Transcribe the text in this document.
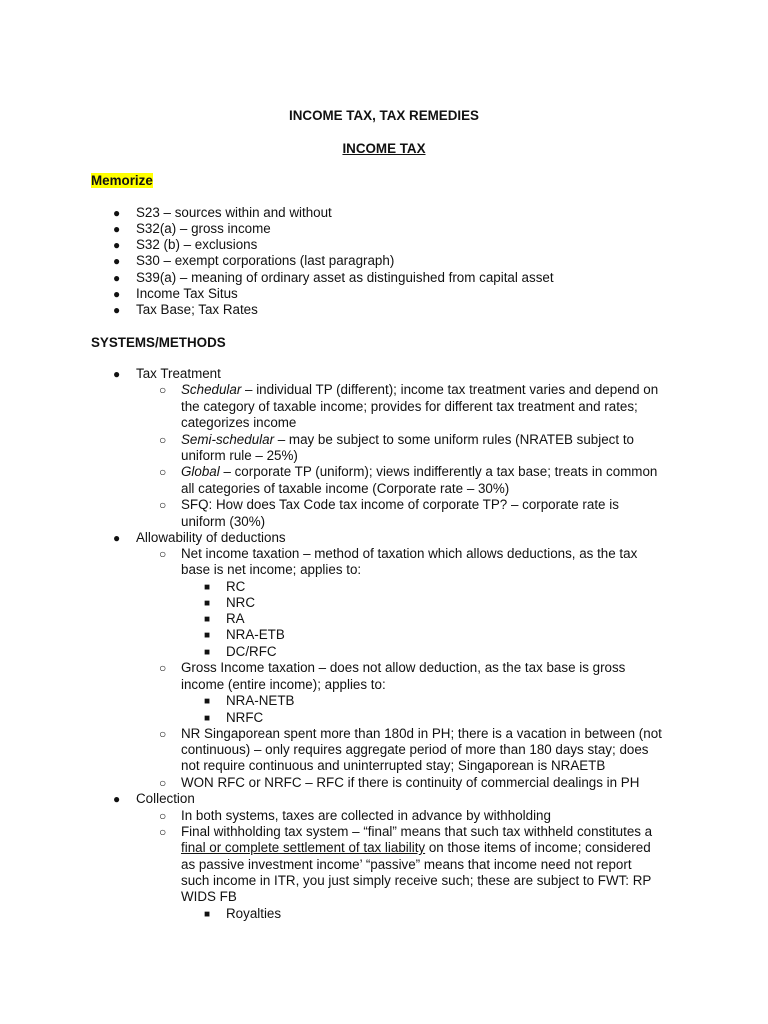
INCOME TAX, TAX REMEDIES
INCOME TAX
Memorize
● S23 – sources within and without
● S32(a) – gross income
● S32 (b) – exclusions
● S30 – exempt corporations (last paragraph)
● S39(a) – meaning of ordinary asset as distinguished from capital asset
● Income Tax Situs
● Tax Base; Tax Rates
SYSTEMS/METHODS
● Tax Treatment
○ Schedular – individual TP (different); income tax treatment varies and depend on
the category of taxable income; provides for different tax treatment and rates;
categorizes income
○ Semi-schedular – may be subject to some uniform rules (NRATEB subject to
uniform rule – 25%)
○ Global – corporate TP (uniform); views indifferently a tax base; treats in common
all categories of taxable income (Corporate rate – 30%)
○ SFQ: How does Tax Code tax income of corporate TP? – corporate rate is
uniform (30%)
● Allowability of deductions
○ Net income taxation – method of taxation which allows deductions, as the tax
base is net income; applies to:
■ RC
■ NRC
■ RA
■ NRA-ETB
■ DC/RFC
○ Gross Income taxation – does not allow deduction, as the tax base is gross
income (entire income); applies to:
■ NRA-NETB
■ NRFC
○ NR Singaporean spent more than 180d in PH; there is a vacation in between (not
continuous) – only requires aggregate period of more than 180 days stay; does
not require continuous and uninterrupted stay; Singaporean is NRAETB
○ WON RFC or NRFC – RFC if there is continuity of commercial dealings in PH
● Collection
○ In both systems, taxes are collected in advance by withholding
○ Final withholding tax system – “final” means that such tax withheld constitutes a
final or complete settlement of tax liability on those items of income; considered
as passive investment income’ “passive” means that income need not report
such income in ITR, you just simply receive such; these are subject to FWT: RP
WIDS FB
■ Royalties
